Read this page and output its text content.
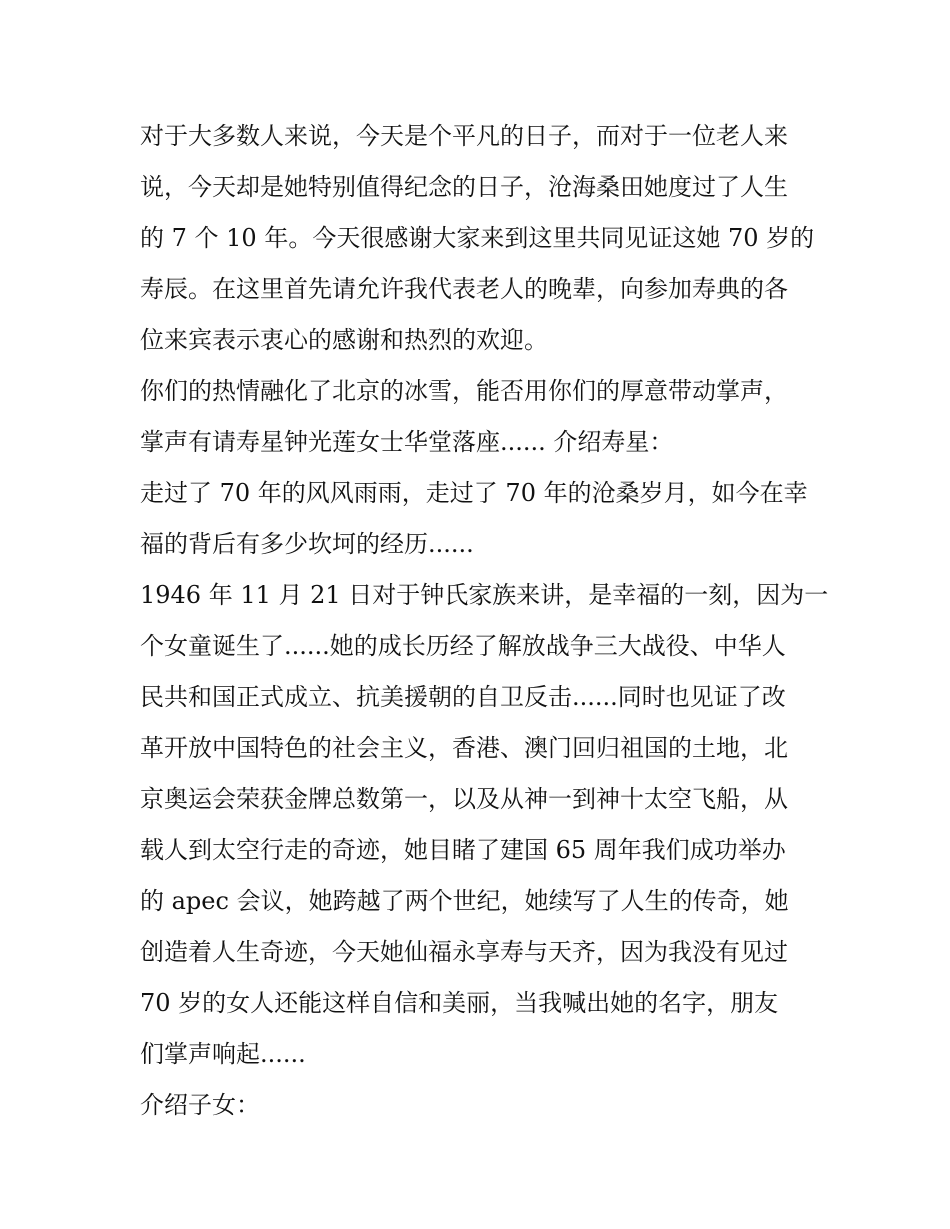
对于大多数人来说，今天是个平凡的日子，而对于一位老人来
说，今天却是她特别值得纪念的日子，沧海桑田她度过了人生
的 7 个 10 年。今天很感谢大家来到这里共同见证这她 70 岁的
寿辰。在这里首先请允许我代表老人的晚辈，向参加寿典的各
位来宾表示衷心的感谢和热烈的欢迎。

你们的热情融化了北京的冰雪，能否用你们的厚意带动掌声，
掌声有请寿星钟光莲女士华堂落座...... 介绍寿星：

走过了 70 年的风风雨雨，走过了 70 年的沧桑岁月，如今在幸
福的背后有多少坎坷的经历......

1946 年 11 月 21 日对于钟氏家族来讲，是幸福的一刻，因为一
个女童诞生了......她的成长历经了解放战争三大战役、中华人
民共和国正式成立、抗美援朝的自卫反击......同时也见证了改
革开放中国特色的社会主义，香港、澳门回归祖国的土地，北
京奥运会荣获金牌总数第一，以及从神一到神十太空飞船，从
载人到太空行走的奇迹，她目睹了建国 65 周年我们成功举办
的 apec 会议，她跨越了两个世纪，她续写了人生的传奇，她
创造着人生奇迹，今天她仙福永享寿与天齐，因为我没有见过
70 岁的女人还能这样自信和美丽，当我喊出她的名字，朋友
们掌声响起......

介绍子女：
